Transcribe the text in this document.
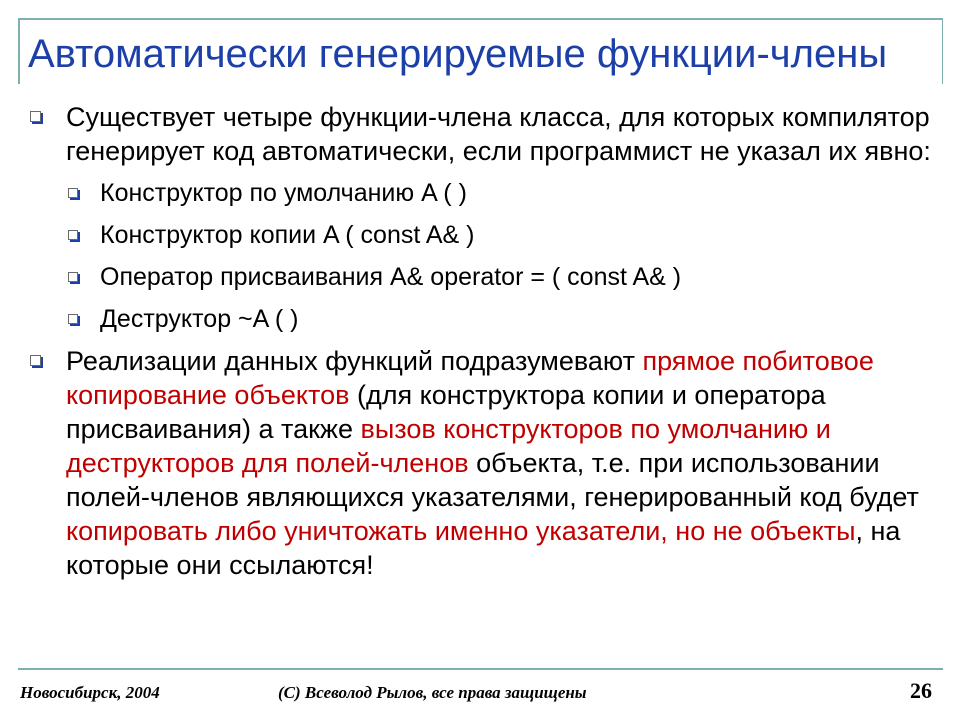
Автоматически генерируемые функции-члены
Существует четыре функции-члена класса, для которых компилятор генерирует код автоматически, если программист не указал их явно:
Конструктор по умолчанию A ( )
Конструктор копии A ( const A& )
Оператор присваивания A& operator = ( const A& )
Деструктор ~A ( )
Реализации данных функций подразумевают прямое побитовое копирование объектов (для конструктора копии и оператора присваивания) а также вызов конструкторов по умолчанию и деструкторов для полей-членов объекта, т.е. при использовании полей-членов являющихся указателями, генерированный код будет копировать либо уничтожать именно указатели, но не объекты, на которые они ссылаются!
Новосибирск, 2004	(С) Всеволод Рылов, все права защищены	26
